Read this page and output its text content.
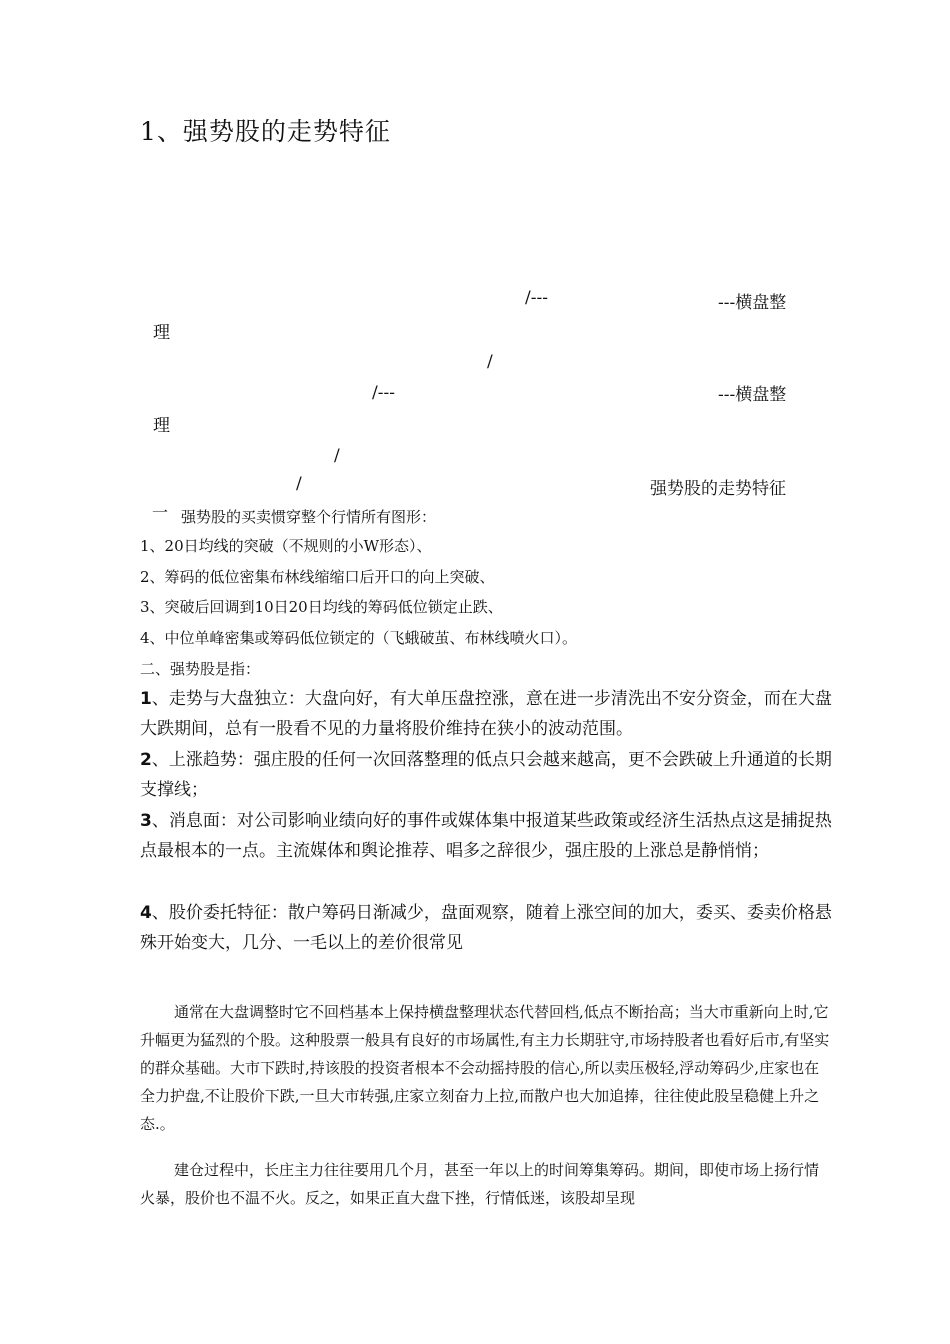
1、强势股的走势特征
/---	---横盘整
理
/
/---	---横盘整
理
/
/	强势股的走势特征
一 强势股的买卖惯穿整个行情所有图形：
1、20日均线的突破（不规则的小W形态）、
2、筹码的低位密集布林线缩缩口后开口的向上突破、
3、突破后回调到10日20日均线的筹码低位锁定止跌、
4、中位单峰密集或筹码低位锁定的（飞蛾破茧、布林线喷火口）。
二、强势股是指：
1、走势与大盘独立：大盘向好，有大单压盘控涨，意在进一步清洗出不安分资金，而在大盘大跌期间，总有一股看不见的力量将股价维持在狭小的波动范围。
2、上涨趋势：强庄股的任何一次回落整理的低点只会越来越高，更不会跌破上升通道的长期支撑线；
3、消息面：对公司影响业绩向好的事件或媒体集中报道某些政策或经济生活热点这是捕捉热点最根本的一点。主流媒体和舆论推荐、唱多之辞很少，强庄股的上涨总是静悄悄；
4、股价委托特征：散户筹码日渐减少，盘面观察，随着上涨空间的加大，委买、委卖价格悬殊开始变大，几分、一毛以上的差价很常见
通常在大盘调整时它不回档基本上保持横盘整理状态代替回档,低点不断抬高；当大市重新向上时,它升幅更为猛烈的个股。这种股票一般具有良好的市场属性,有主力长期驻守,市场持股者也看好后市,有坚实的群众基础。大市下跌时,持该股的投资者根本不会动摇持股的信心,所以卖压极轻,浮动筹码少,庄家也在全力护盘,不让股价下跌,一旦大市转强,庄家立刻奋力上拉,而散户也大加追捧，往往使此股呈稳健上升之态.。
建仓过程中，长庄主力往往要用几个月，甚至一年以上的时间筹集筹码。期间，即使市场上扬行情火暴，股价也不温不火。反之，如果正直大盘下挫，行情低迷，该股却呈现
